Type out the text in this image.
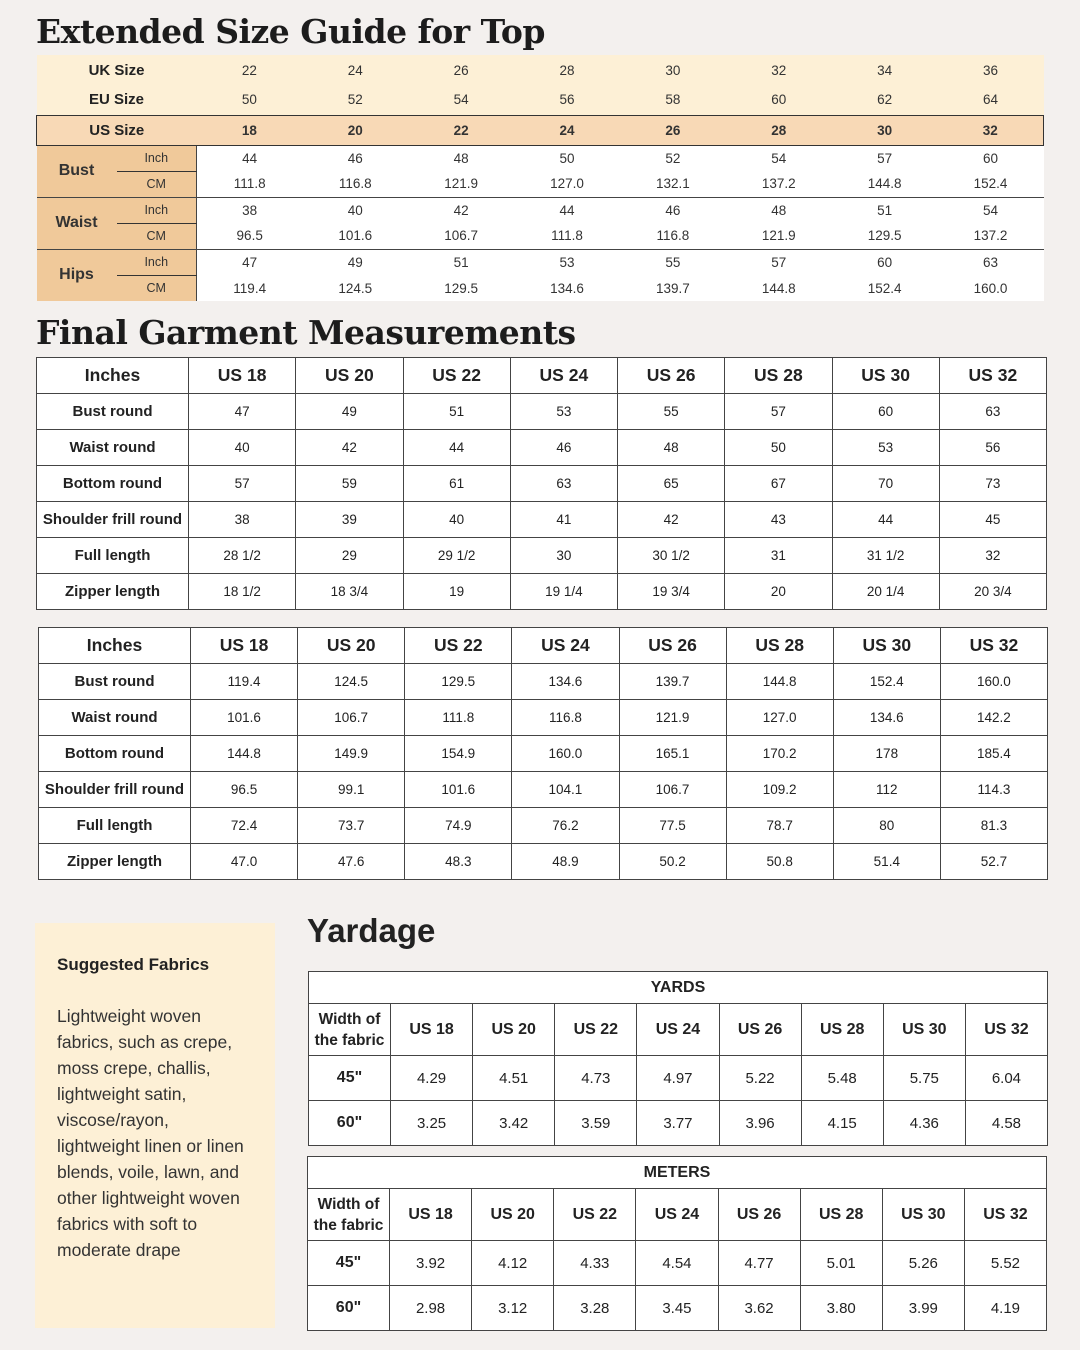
Extended Size Guide for Top
Final Garment Measurements
UK Size		22	24	26	28	30	32	34	36
EU Size		50	52	54	56	58	60	62	64
US Size		18	20	22	24	26	28	30	32
Bust	Inch	44	46	48	50	52	54	57	60
	CM	111.8	116.8	121.9	127.0	132.1	137.2	144.8	152.4
Waist	Inch	38	40	42	44	46	48	51	54
	CM	96.5	101.6	106.7	111.8	116.8	121.9	129.5	137.2
Hips	Inch	47	49	51	53	55	57	60	63
	CM	119.4	124.5	129.5	134.6	139.7	144.8	152.4	160.0
Inches	US 18	US 20	US 22	US 24	US 26	US 28	US 30	US 32
Bust round	47	49	51	53	55	57	60	63
Waist round	40	42	44	46	48	50	53	56
Bottom round	57	59	61	63	65	67	70	73
Shoulder frill round	38	39	40	41	42	43	44	45
Full length	28 1/2	29	29 1/2	30	30 1/2	31	31 1/2	32
Zipper length	18 1/2	18 3/4	19	19 1/4	19 3/4	20	20 1/4	20 3/4
Inches	US 18	US 20	US 22	US 24	US 26	US 28	US 30	US 32
Bust round	119.4	124.5	129.5	134.6	139.7	144.8	152.4	160.0
Waist round	101.6	106.7	111.8	116.8	121.9	127.0	134.6	142.2
Bottom round	144.8	149.9	154.9	160.0	165.1	170.2	178	185.4
Shoulder frill round	96.5	99.1	101.6	104.1	106.7	109.2	112	114.3
Full length	72.4	73.7	74.9	76.2	77.5	78.7	80	81.3
Zipper length	47.0	47.6	48.3	48.9	50.2	50.8	51.4	52.7
Suggested Fabrics
Lightweight woven fabrics, such as crepe, moss crepe, challis, lightweight satin, viscose/rayon, lightweight linen or linen blends, voile, lawn, and other lightweight woven fabrics with soft to moderate drape
Yardage
YARDS								
Width of the fabric	US 18	US 20	US 22	US 24	US 26	US 28	US 30	US 32
45"	4.29	4.51	4.73	4.97	5.22	5.48	5.75	6.04
60"	3.25	3.42	3.59	3.77	3.96	4.15	4.36	4.58
METERS								
Width of the fabric	US 18	US 20	US 22	US 24	US 26	US 28	US 30	US 32
45"	3.92	4.12	4.33	4.54	4.77	5.01	5.26	5.52
60"	2.98	3.12	3.28	3.45	3.62	3.80	3.99	4.19
